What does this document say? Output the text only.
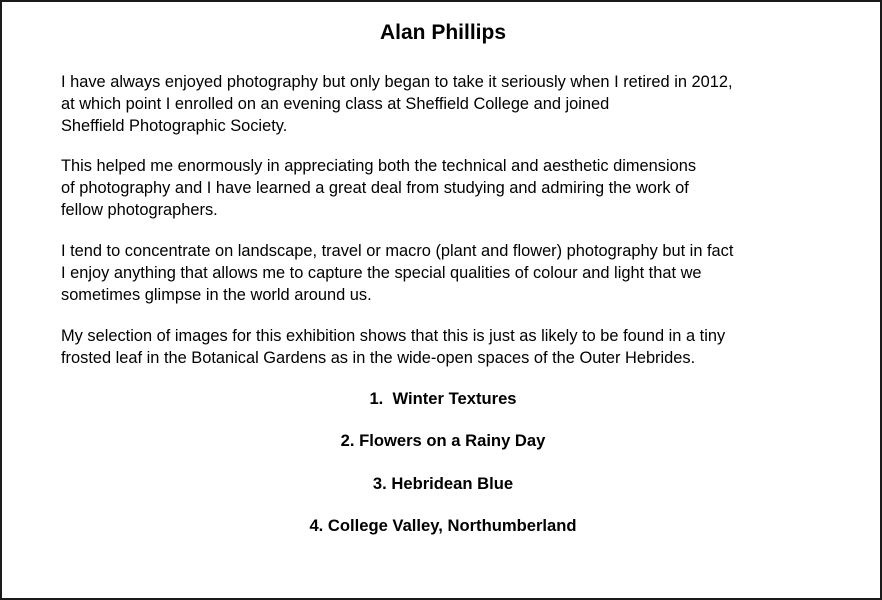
Alan Phillips

I have always enjoyed photography but only began to take it seriously when I retired in 2012,
at which point I enrolled on an evening class at Sheffield College and joined
Sheffield Photographic Society.

This helped me enormously in appreciating both the technical and aesthetic dimensions
of photography and I have learned a great deal from studying and admiring the work of
fellow photographers.

I tend to concentrate on landscape, travel or macro (plant and flower) photography but in fact
I enjoy anything that allows me to capture the special qualities of colour and light that we
sometimes glimpse in the world around us.

My selection of images for this exhibition shows that this is just as likely to be found in a tiny
frosted leaf in the Botanical Gardens as in the wide-open spaces of the Outer Hebrides.

1.  Winter Textures

2. Flowers on a Rainy Day

3. Hebridean Blue

4. College Valley, Northumberland
